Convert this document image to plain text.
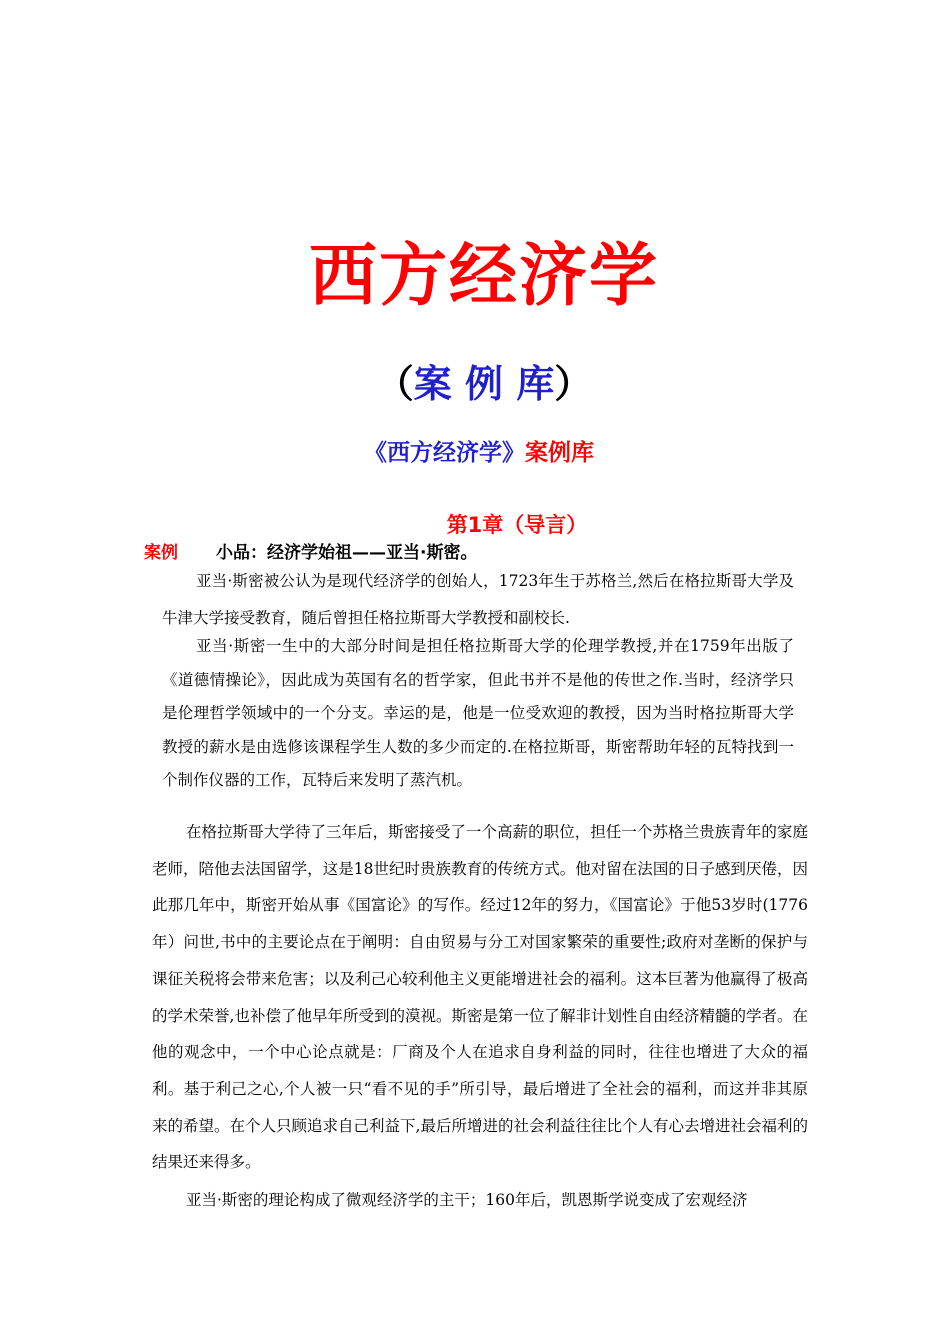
西方经济学
（案 例 库）
《西方经济学》案例库
第1章（导言）
案例 小品：经济学始祖——亚当·斯密。

亚当·斯密被公认为是现代经济学的创始人，1723年生于苏格兰,然后在格拉斯哥大学及牛津大学接受教育，随后曾担任格拉斯哥大学教授和副校长.

亚当·斯密一生中的大部分时间是担任格拉斯哥大学的伦理学教授,并在1759年出版了《道德情操论》，因此成为英国有名的哲学家，但此书并不是他的传世之作.当时，经济学只是伦理哲学领域中的一个分支。幸运的是，他是一位受欢迎的教授，因为当时格拉斯哥大学教授的薪水是由选修该课程学生人数的多少而定的.在格拉斯哥，斯密帮助年轻的瓦特找到一个制作仪器的工作，瓦特后来发明了蒸汽机。

在格拉斯哥大学待了三年后，斯密接受了一个高薪的职位，担任一个苏格兰贵族青年的家庭老师，陪他去法国留学，这是18世纪时贵族教育的传统方式。他对留在法国的日子感到厌倦，因此那几年中，斯密开始从事《国富论》的写作。经过12年的努力，《国富论》于他53岁时(1776年）问世,书中的主要论点在于阐明：自由贸易与分工对国家繁荣的重要性;政府对垄断的保护与课征关税将会带来危害；以及利己心较利他主义更能增进社会的福利。这本巨著为他赢得了极高的学术荣誉,也补偿了他早年所受到的漠视。斯密是第一位了解非计划性自由经济精髓的学者。在他的观念中，一个中心论点就是：厂商及个人在追求自身利益的同时，往往也增进了大众的福利。基于利己之心,个人被一只“看不见的手”所引导，最后增进了全社会的福利，而这并非其原来的希望。在个人只顾追求自己利益下,最后所增进的社会利益往往比个人有心去增进社会福利的结果还来得多。

亚当·斯密的理论构成了微观经济学的主干；160年后，凯恩斯学说变成了宏观经济
